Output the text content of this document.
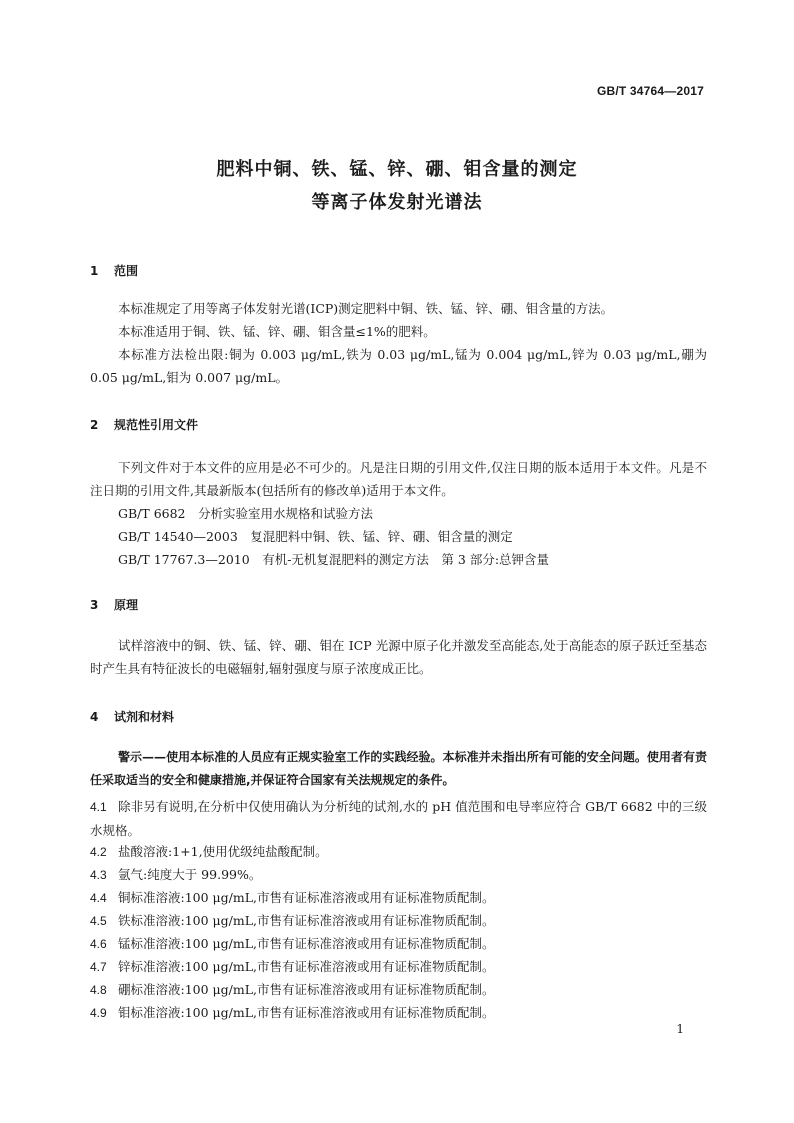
GB/T 34764—2017
肥料中铜、铁、锰、锌、硼、钼含量的测定
等离子体发射光谱法
1 范围
本标准规定了用等离子体发射光谱(ICP)测定肥料中铜、铁、锰、锌、硼、钼含量的方法。
本标准适用于铜、铁、锰、锌、硼、钼含量≤1%的肥料。
本标准方法检出限:铜为 0.003 μg/mL,铁为 0.03 μg/mL,锰为 0.004 μg/mL,锌为 0.03 μg/mL,硼为 0.05 μg/mL,钼为 0.007 μg/mL。
2 规范性引用文件
下列文件对于本文件的应用是必不可少的。凡是注日期的引用文件,仅注日期的版本适用于本文件。凡是不注日期的引用文件,其最新版本(包括所有的修改单)适用于本文件。
GB/T 6682　分析实验室用水规格和试验方法
GB/T 14540—2003　复混肥料中铜、铁、锰、锌、硼、钼含量的测定
GB/T 17767.3—2010　有机-无机复混肥料的测定方法　第 3 部分:总钾含量
3 原理
试样溶液中的铜、铁、锰、锌、硼、钼在 ICP 光源中原子化并激发至高能态,处于高能态的原子跃迁至基态时产生具有特征波长的电磁辐射,辐射强度与原子浓度成正比。
4 试剂和材料
警示——使用本标准的人员应有正规实验室工作的实践经验。本标准并未指出所有可能的安全问题。使用者有责任采取适当的安全和健康措施,并保证符合国家有关法规规定的条件。
4.1 除非另有说明,在分析中仅使用确认为分析纯的试剂,水的 pH 值范围和电导率应符合 GB/T 6682 中的三级水规格。
4.2 盐酸溶液:1+1,使用优级纯盐酸配制。
4.3 氩气:纯度大于 99.99%。
4.4 铜标准溶液:100 μg/mL,市售有证标准溶液或用有证标准物质配制。
4.5 铁标准溶液:100 μg/mL,市售有证标准溶液或用有证标准物质配制。
4.6 锰标准溶液:100 μg/mL,市售有证标准溶液或用有证标准物质配制。
4.7 锌标准溶液:100 μg/mL,市售有证标准溶液或用有证标准物质配制。
4.8 硼标准溶液:100 μg/mL,市售有证标准溶液或用有证标准物质配制。
4.9 钼标准溶液:100 μg/mL,市售有证标准溶液或用有证标准物质配制。
1
